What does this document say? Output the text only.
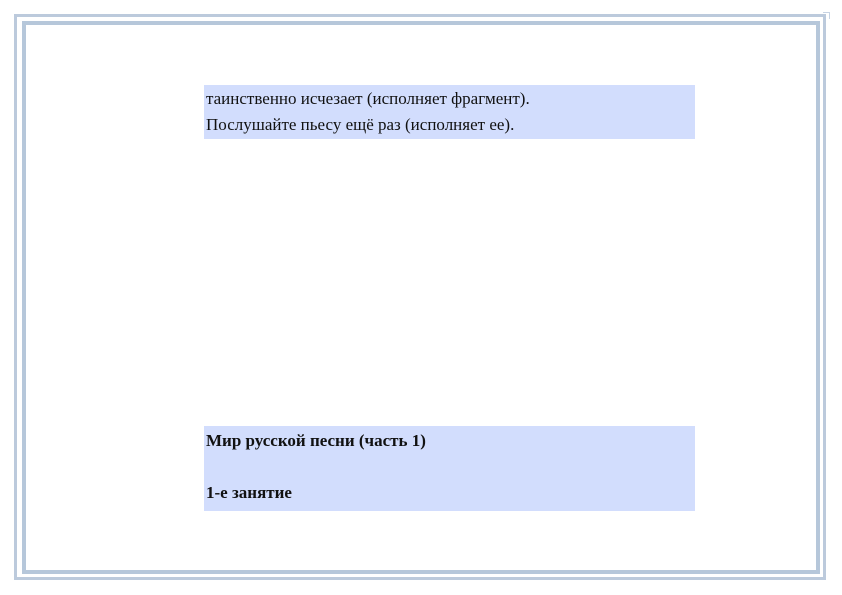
таинственно исчезает (исполняет фрагмент).
Послушайте пьесу ещё раз (исполняет ее).
Мир русской песни (часть 1)
1-е занятие
